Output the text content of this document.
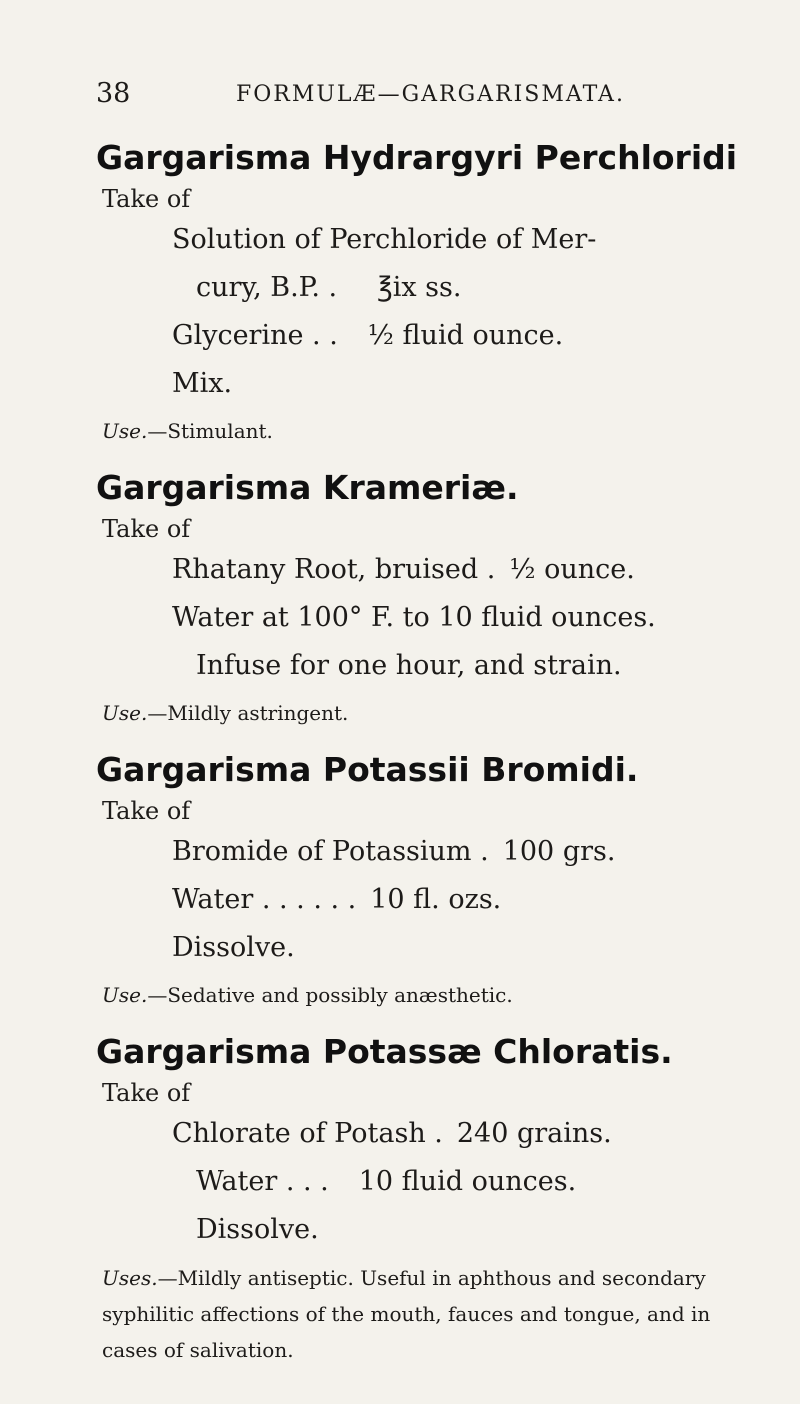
38	FORMULÆ—GARGARISMATA.
Gargarisma Hydrargyri Perchloridi
Take of
Solution of Perchloride of Mer-
cury, B.P. . ℥ix ss.
Glycerine . . ½ fluid ounce.
Mix.
Use.—Stimulant.
Gargarisma Krameriæ.
Take of
Rhatany Root, bruised . ½ ounce.
Water at 100° F. to 10 fluid ounces.
Infuse for one hour, and strain.
Use.—Mildly astringent.
Gargarisma Potassii Bromidi.
Take of
Bromide of Potassium . 100 grs.
Water . . . . . . 10 fl. ozs.
Dissolve.
Use.—Sedative and possibly anæsthetic.
Gargarisma Potassæ Chloratis.
Take of
Chlorate of Potash . 240 grains.
Water . . . 10 fluid ounces.
Dissolve.
Uses.—Mildly antiseptic. Useful in aphthous and secondary syphilitic affections of the mouth, fauces and tongue, and in cases of salivation.
